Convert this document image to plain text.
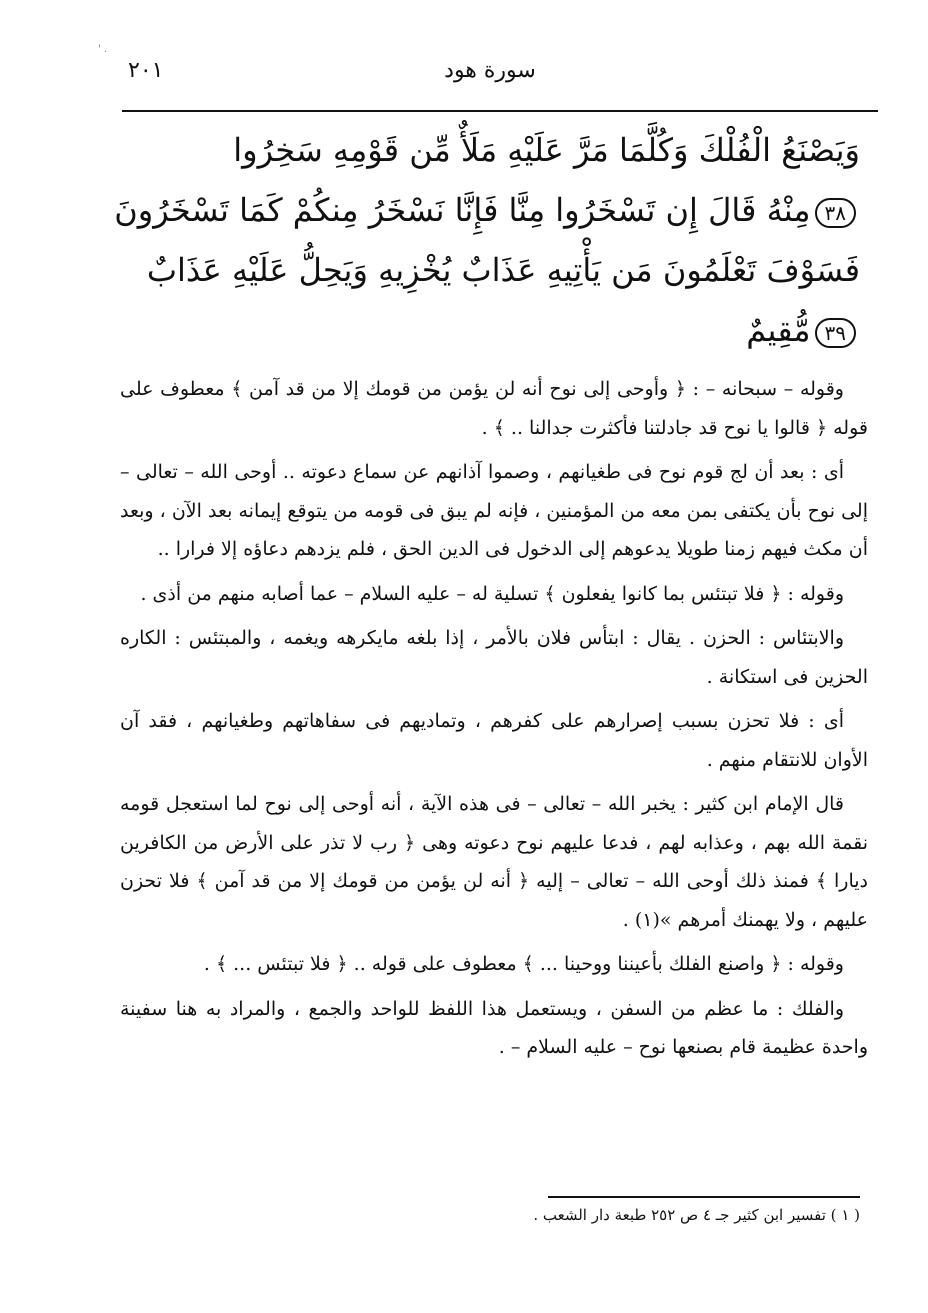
' .
٢٠١	سورة هود
وَيَصْنَعُ الْفُلْكَ وَكُلَّمَا مَرَّ عَلَيْهِ مَلَأٌ مِّن قَوْمِهِ سَخِرُوا
٣٨مِنْهُ قَالَ إِن تَسْخَرُوا مِنَّا فَإِنَّا نَسْخَرُ مِنكُمْ كَمَا تَسْخَرُونَ
فَسَوْفَ تَعْلَمُونَ مَن يَأْتِيهِ عَذَابٌ يُخْزِيهِ وَيَحِلُّ عَلَيْهِ عَذَابٌ
٣٩مُّقِيمٌ

وقوله – سبحانه – : ﴿ وأوحى إلى نوح أنه لن يؤمن من قومك إلا من قد آمن ﴾ معطوف على قوله ﴿ قالوا يا نوح قد جادلتنا فأكثرت جدالنا .. ﴾ .

أى : بعد أن لج قوم نوح فى طغيانهم ، وصموا آذانهم عن سماع دعوته .. أوحى الله – تعالى – إلى نوح بأن يكتفى بمن معه من المؤمنين ، فإنه لم يبق فى قومه من يتوقع إيمانه بعد الآن ، وبعد أن مكث فيهم زمنا طويلا يدعوهم إلى الدخول فى الدين الحق ، فلم يزدهم دعاؤه إلا فرارا ..

وقوله : ﴿ فلا تبتئس بما كانوا يفعلون ﴾ تسلية له – عليه السلام – عما أصابه منهم من أذى .

والابتئاس : الحزن . يقال : ابتأس فلان بالأمر ، إذا بلغه مايكرهه ويغمه ، والمبتئس : الكاره الحزين فى استكانة .

أى : فلا تحزن بسبب إصرارهم على كفرهم ، وتماديهم فى سفاهاتهم وطغيانهم ، فقد آن الأوان للانتقام منهم .

قال الإمام ابن كثير : يخبر الله – تعالى – فى هذه الآية ، أنه أوحى إلى نوح لما استعجل قومه نقمة الله بهم ، وعذابه لهم ، فدعا عليهم نوح دعوته وهى ﴿ رب لا تذر على الأرض من الكافرين ديارا ﴾ فمنذ ذلك أوحى الله – تعالى – إليه ﴿ أنه لن يؤمن من قومك إلا من قد آمن ﴾ فلا تحزن عليهم ، ولا يهمنك أمرهم »(١) .

وقوله : ﴿ واصنع الفلك بأعيننا ووحينا ... ﴾ معطوف على قوله .. ﴿ فلا تبتئس ... ﴾ .

والفلك : ما عظم من السفن ، ويستعمل هذا اللفظ للواحد والجمع ، والمراد به هنا سفينة واحدة عظيمة قام بصنعها نوح – عليه السلام – .

( ١ ) تفسير ابن كثير جـ ٤ ص ٢٥٢ طبعة دار الشعب .
